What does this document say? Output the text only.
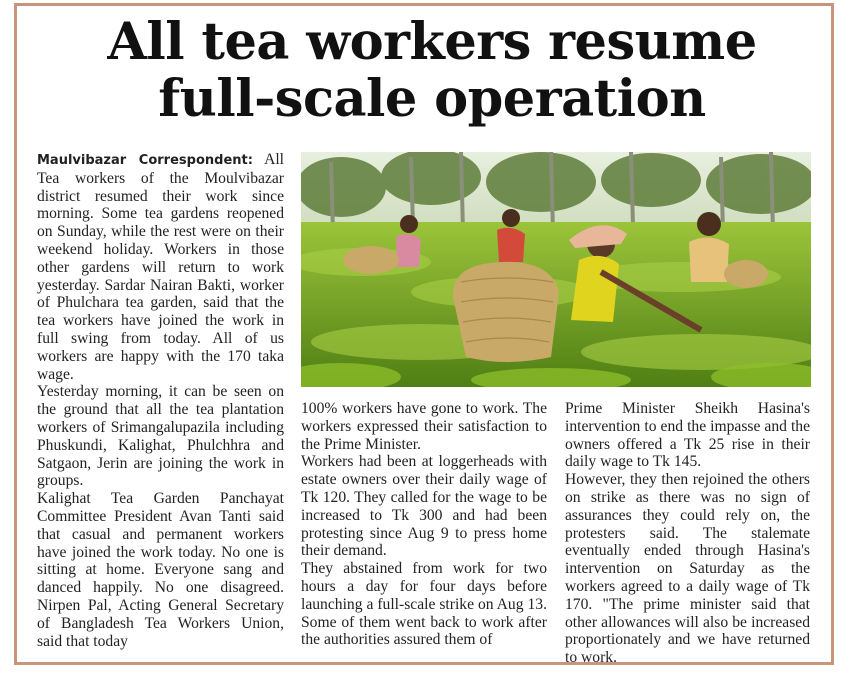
All tea workers resume
full-scale operation

Maulvibazar Correspondent: All Tea workers of the Moulvibazar district resumed their work since morning. Some tea gardens reopened on Sunday, while the rest were on their weekend holiday. Workers in those other gardens will return to work yesterday. Sardar Nairan Bakti, worker of Phulchara tea garden, said that the tea workers have joined the work in full swing from today. All of us workers are happy with the 170 taka wage.

Yesterday morning, it can be seen on the ground that all the tea plantation workers of Srimangalupazila including Phuskundi, Kalighat, Phulchhra and Satgaon, Jerin are joining the work in groups.

Kalighat Tea Garden Panchayat Committee President Avan Tanti said that casual and permanent workers have joined the work today. No one is sitting at home. Everyone sang and danced happily. No one disagreed. Nirpen Pal, Acting General Secretary of Bangladesh Tea Workers Union, said that today

100% workers have gone to work. The workers expressed their satisfaction to the Prime Minister.

Workers had been at loggerheads with estate owners over their daily wage of Tk 120. They called for the wage to be increased to Tk 300 and had been protesting since Aug 9 to press home their demand.

They abstained from work for two hours a day for four days before launching a full-scale strike on Aug 13. Some of them went back to work after the authorities assured them of

Prime Minister Sheikh Hasina's intervention to end the impasse and the owners offered a Tk 25 rise in their daily wage to Tk 145.

However, they then rejoined the others on strike as there was no sign of assurances they could rely on, the protesters said. The stalemate eventually ended through Hasina's intervention on Saturday as the workers agreed to a daily wage of Tk 170. "The prime minister said that other allowances will also be increased proportionately and we have returned to work.
